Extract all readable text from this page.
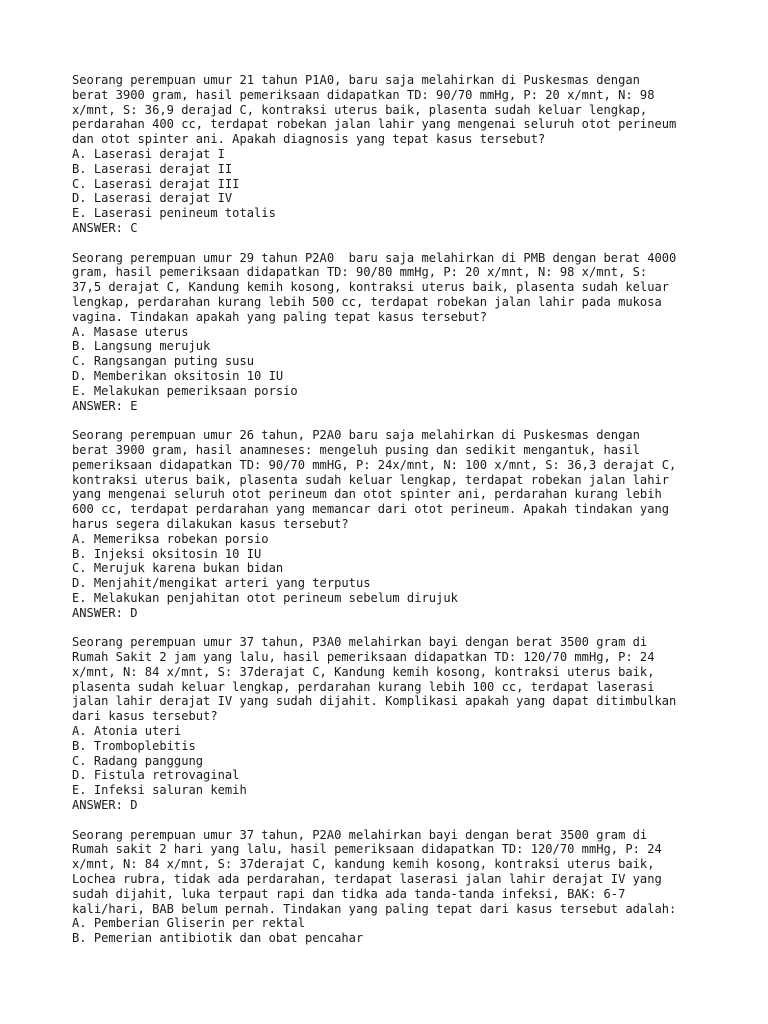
Seorang perempuan umur 21 tahun P1A0, baru saja melahirkan di Puskesmas dengan
berat 3900 gram, hasil pemeriksaan didapatkan TD: 90/70 mmHg, P: 20 x/mnt, N: 98
x/mnt, S: 36,9 derajad C, kontraksi uterus baik, plasenta sudah keluar lengkap,
perdarahan 400 cc, terdapat robekan jalan lahir yang mengenai seluruh otot perineum
dan otot spinter ani. Apakah diagnosis yang tepat kasus tersebut?
A. Laserasi derajat I
B. Laserasi derajat II
C. Laserasi derajat III
D. Laserasi derajat IV
E. Laserasi penineum totalis
ANSWER: C
Seorang perempuan umur 29 tahun P2A0  baru saja melahirkan di PMB dengan berat 4000
gram, hasil pemeriksaan didapatkan TD: 90/80 mmHg, P: 20 x/mnt, N: 98 x/mnt, S:
37,5 derajat C, Kandung kemih kosong, kontraksi uterus baik, plasenta sudah keluar
lengkap, perdarahan kurang lebih 500 cc, terdapat robekan jalan lahir pada mukosa
vagina. Tindakan apakah yang paling tepat kasus tersebut?
A. Masase uterus
B. Langsung merujuk
C. Rangsangan puting susu
D. Memberikan oksitosin 10 IU
E. Melakukan pemeriksaan porsio
ANSWER: E
Seorang perempuan umur 26 tahun, P2A0 baru saja melahirkan di Puskesmas dengan
berat 3900 gram, hasil anamneses: mengeluh pusing dan sedikit mengantuk, hasil
pemeriksaan didapatkan TD: 90/70 mmHG, P: 24x/mnt, N: 100 x/mnt, S: 36,3 derajat C,
kontraksi uterus baik, plasenta sudah keluar lengkap, terdapat robekan jalan lahir
yang mengenai seluruh otot perineum dan otot spinter ani, perdarahan kurang lebih
600 cc, terdapat perdarahan yang memancar dari otot perineum. Apakah tindakan yang
harus segera dilakukan kasus tersebut?
A. Memeriksa robekan porsio
B. Injeksi oksitosin 10 IU
C. Merujuk karena bukan bidan
D. Menjahit/mengikat arteri yang terputus
E. Melakukan penjahitan otot perineum sebelum dirujuk
ANSWER: D
Seorang perempuan umur 37 tahun, P3A0 melahirkan bayi dengan berat 3500 gram di
Rumah Sakit 2 jam yang lalu, hasil pemeriksaan didapatkan TD: 120/70 mmHg, P: 24
x/mnt, N: 84 x/mnt, S: 37derajat C, Kandung kemih kosong, kontraksi uterus baik,
plasenta sudah keluar lengkap, perdarahan kurang lebih 100 cc, terdapat laserasi
jalan lahir derajat IV yang sudah dijahit. Komplikasi apakah yang dapat ditimbulkan
dari kasus tersebut?
A. Atonia uteri
B. Tromboplebitis
C. Radang panggung
D. Fistula retrovaginal
E. Infeksi saluran kemih
ANSWER: D
Seorang perempuan umur 37 tahun, P2A0 melahirkan bayi dengan berat 3500 gram di
Rumah sakit 2 hari yang lalu, hasil pemeriksaan didapatkan TD: 120/70 mmHg, P: 24
x/mnt, N: 84 x/mnt, S: 37derajat C, kandung kemih kosong, kontraksi uterus baik,
Lochea rubra, tidak ada perdarahan, terdapat laserasi jalan lahir derajat IV yang
sudah dijahit, luka terpaut rapi dan tidka ada tanda-tanda infeksi, BAK: 6-7
kali/hari, BAB belum pernah. Tindakan yang paling tepat dari kasus tersebut adalah:
A. Pemberian Gliserin per rektal
B. Pemerian antibiotik dan obat pencahar
